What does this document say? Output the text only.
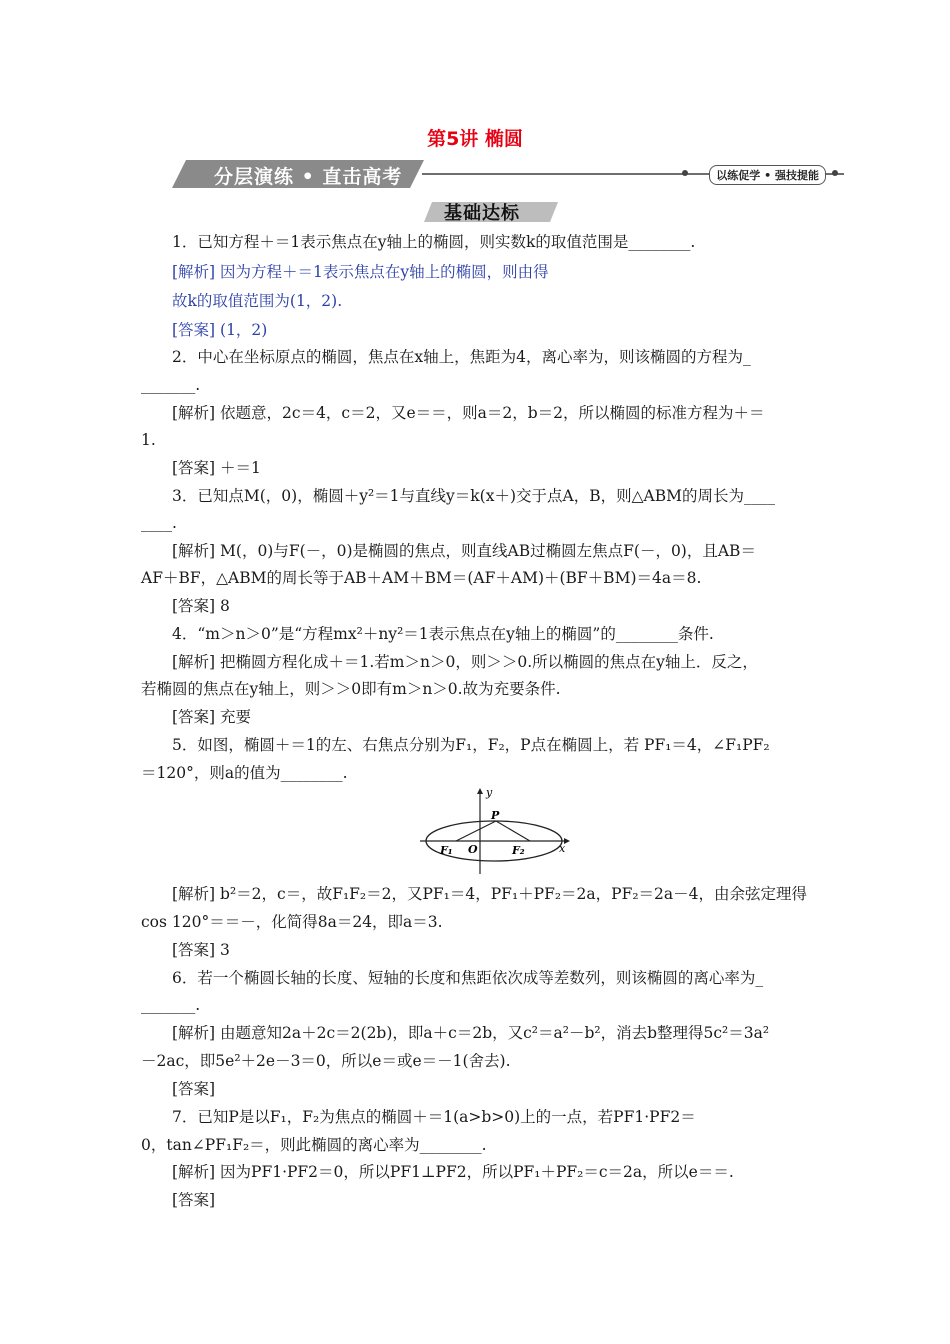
第5讲 椭圆
分层演练 • 直击高考	以练促学 • 强技提能
基础达标
1．已知方程＋＝1表示焦点在y轴上的椭圆，则实数k的取值范围是________.
[解析] 因为方程＋＝1表示焦点在y轴上的椭圆，则由得
故k的取值范围为(1，2).
[答案] (1，2)
2．中心在坐标原点的椭圆，焦点在x轴上，焦距为4，离心率为，则该椭圆的方程为_
_______.
[解析] 依题意，2c＝4，c＝2，又e＝＝，则a＝2，b＝2，所以椭圆的标准方程为＋＝
1.
[答案] ＋＝1
3．已知点M(，0)，椭圆＋y²＝1与直线y＝k(x＋)交于点A，B，则△ABM的周长为____
____.
[解析] M(，0)与F(－，0)是椭圆的焦点，则直线AB过椭圆左焦点F(－，0)，且AB＝
AF＋BF，△ABM的周长等于AB＋AM＋BM＝(AF＋AM)＋(BF＋BM)＝4a＝8.
[答案] 8
4．“m＞n＞0”是“方程mx²＋ny²＝1表示焦点在y轴上的椭圆”的________条件.
[解析] 把椭圆方程化成＋＝1.若m＞n＞0，则＞＞0.所以椭圆的焦点在y轴上．反之，
若椭圆的焦点在y轴上，则＞＞0即有m＞n＞0.故为充要条件.
[答案] 充要
5．如图，椭圆＋＝1的左、右焦点分别为F₁，F₂，P点在椭圆上，若 PF₁＝4，∠F₁PF₂
＝120°，则a的值为________.
[解析] b²＝2，c＝，故F₁F₂＝2，又PF₁＝4，PF₁＋PF₂＝2a，PF₂＝2a－4，由余弦定理得
cos 120°＝＝－，化简得8a＝24，即a＝3.
[答案] 3
6．若一个椭圆长轴的长度、短轴的长度和焦距依次成等差数列，则该椭圆的离心率为_
_______.
[解析] 由题意知2a＋2c＝2(2b)，即a＋c＝2b，又c²＝a²－b²，消去b整理得5c²＝3a²
－2ac，即5e²＋2e－3＝0，所以e＝或e＝－1(舍去).
[答案]
7．已知P是以F₁，F₂为焦点的椭圆＋＝1(a>b>0)上的一点，若PF1·PF2＝
0，tan∠PF₁F₂＝，则此椭圆的离心率为________.
[解析] 因为PF1·PF2＝0，所以PF1⊥PF2，所以PF₁＋PF₂＝c＝2a，所以e＝＝.
[答案]
y
x
P
O
F₁	F₂
